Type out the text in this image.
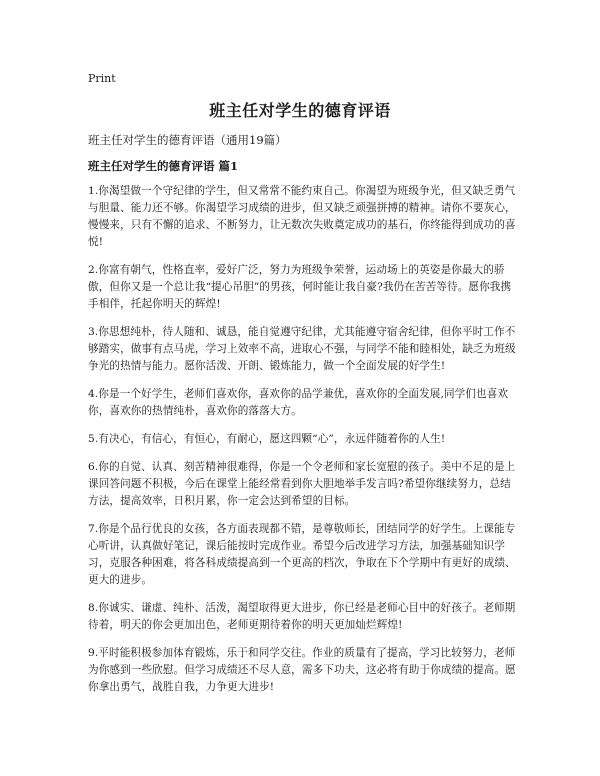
Print
班主任对学生的德育评语
班主任对学生的德育评语（通用19篇）
班主任对学生的德育评语 篇1

1.你渴望做一个守纪律的学生，但又常常不能约束自己。你渴望为班级争光，但又缺乏勇气与胆量、能力还不够。你渴望学习成绩的进步，但又缺乏顽强拼搏的精神。请你不要灰心，慢慢来，只有不懈的追求、不断努力，让无数次失败奠定成功的基石，你终能得到成功的喜悦!

2.你富有朝气，性格直率，爱好广泛，努力为班级争荣誉，运动场上的英姿是你最大的骄傲，但你又是一个总让我“提心吊胆”的男孩，何时能让我自豪?我仍在苦苦等待。愿你我携手相伴，托起你明天的辉煌!

3.你思想纯朴，待人随和、诚恳，能自觉遵守纪律，尤其能遵守宿舍纪律，但你平时工作不够踏实，做事有点马虎，学习上效率不高，进取心不强，与同学不能和睦相处，缺乏为班级争光的热情与能力。愿你活泼、开朗、锻炼能力，做一个全面发展的好学生!

4.你是一个好学生，老师们喜欢你，喜欢你的品学兼优，喜欢你的全面发展,同学们也喜欢你，喜欢你的热情纯朴，喜欢你的落落大方。

5.有决心，有信心，有恒心，有耐心，愿这四颗“心”，永远伴随着你的人生!

6.你的自觉、认真、刻苦精神很难得，你是一个令老师和家长宽慰的孩子。美中不足的是上课回答问题不积极，今后在课堂上能经常看到你大胆地举手发言吗?希望你继续努力，总结方法，提高效率，日积月累，你一定会达到希望的目标。

7.你是个品行优良的女孩，各方面表现都不错，是尊敬师长，团结同学的好学生。上课能专心听讲，认真做好笔记，课后能按时完成作业。希望今后改进学习方法，加强基础知识学习，克服各种困难，将各科成绩提高到一个更高的档次，争取在下个学期中有更好的成绩、更大的进步。

8.你诚实、谦虚、纯朴、活泼，渴望取得更大进步，你已经是老师心目中的好孩子。老师期待着，明天的你会更加出色，老师更期待着你的明天更加灿烂辉煌!

9.平时能积极参加体育锻炼，乐于和同学交往。作业的质量有了提高，学习比较努力，老师为你感到一些欣慰。但学习成绩还不尽人意，需多下功夫，这必将有助于你成绩的提高。愿你拿出勇气，战胜自我，力争更大进步!
